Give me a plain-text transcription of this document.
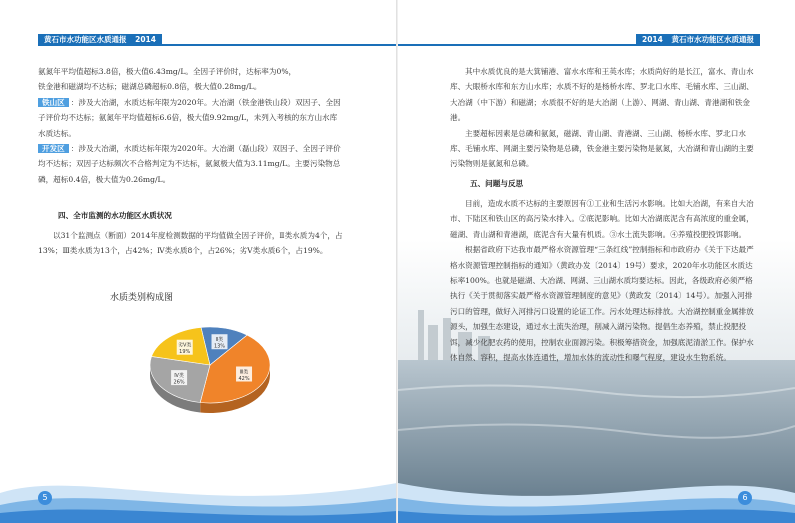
黄石市水功能区水质通报 2014

氨氮年平均值超标3.8倍，极大值6.43mg/L。全因子评价时，达标率为0%，

铁金港和磁湖均不达标；磁湖总磷超标0.8倍，极大值0.28mg/L。

铁山区 ：涉及大冶湖，水质达标年限为2020年。大冶湖（铁金港铁山段）双因子、全因子评价均不达标；氨氮年平均值超标6.6倍，极大值9.92mg/L，未列入考核的东方山水库水质达标。

开发区 ：涉及大冶湖，水质达标年限为2020年。大冶湖（磊山段）双因子、全因子评价均不达标；双因子达标频次不合格判定为不达标，氨氮极大值为3.11mg/L。主要污染物总磷，超标0.4倍，极大值为0.26mg/L。

四、全市监测的水功能区水质状况

以31个监测点（断面）2014年度检测数据的平均值做全因子评价，Ⅱ类水质为4个，占13%；Ⅲ类水质为13个，占42%；Ⅳ类水质8个，占26%；劣Ⅴ类水质6个，占19%。

水质类别构成图
Ⅱ类
13%
Ⅲ类
42%
Ⅳ类
26%
劣Ⅴ类
19%
5
2014 黄石市水功能区水质通报

其中水质优良的是大箕铺港、富水水库和王英水库；水质尚好的是长江，富水、青山水库、大眼桥水库和东方山水库；水质不好的是杨桥水库、罗北口水库、毛铺水库、三山湖、大冶湖（中下游）和磁湖；水质很不好的是大冶湖（上游）、网湖、青山湖、青港湖和铁金港。

主要超标因素是总磷和氨氮，磁湖、青山湖、青港湖、三山湖、杨桥水库、罗北口水库、毛铺水库、网湖主要污染物是总磷，铁金港主要污染物是氨氮，大冶湖和青山湖的主要污染物则是氨氮和总磷。

五、问题与反思

目前，造成水质不达标的主要原因有①工业和生活污水影响。比如大冶湖，有来自大冶市、下陆区和铁山区的高污染水排入。②底泥影响。比如大冶湖底泥含有高浓度的重金属，磁湖、青山湖和青港湖，底泥含有大量有机质。③水土流失影响。④养殖投肥投饵影响。

根据省政府下达我市最严格水资源管理“三条红线”控制指标和市政府办《关于下达最严格水资源管理控制指标的通知》（黄政办发〔2014〕19号）要求，2020年水功能区水质达标率100%。也就是磁湖、大冶湖、网湖、三山湖水质均要达标。因此，各级政府必须严格执行《关于贯彻落实最严格水资源管理制度的意见》（黄政发〔2014〕14号）。加强入河排污口的管理，做好入河排污口设置的论证工作。污水处理达标排放。大冶湖控制重金属排放源头，加强生态建设，通过水土流失治理，削减入湖污染物。提倡生态养殖，禁止投肥投饵，减少化肥农药的使用，控制农业面源污染。积极筹措资金，加强底泥清淤工作。保护水体自然、容积，提高水体连通性，增加水体的流动性和曝气程度，建设水生物系统。

6
